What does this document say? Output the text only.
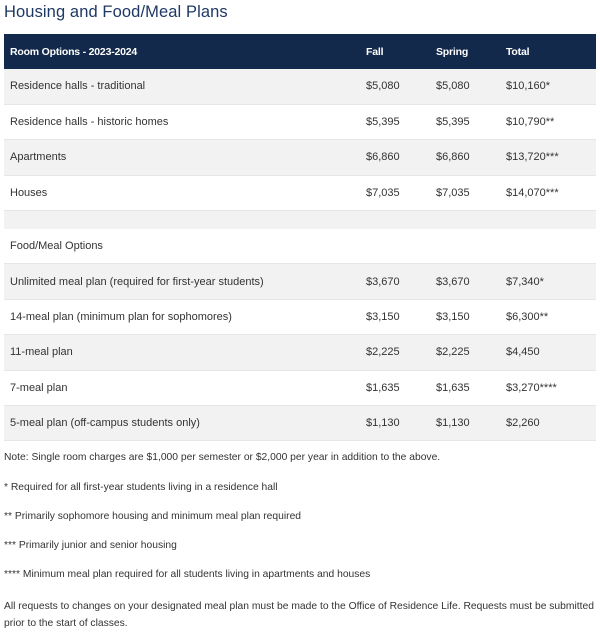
Housing and Food/Meal Plans
Room Options - 2023-2024	Fall	Spring	Total
Residence halls - traditional	$5,080	$5,080	$10,160*
Residence halls - historic homes	$5,395	$5,395	$10,790**
Apartments	$6,860	$6,860	$13,720***
Houses	$7,035	$7,035	$14,070***

Food/Meal Options			
Unlimited meal plan (required for first-year students)	$3,670	$3,670	$7,340*
14-meal plan (minimum plan for sophomores)	$3,150	$3,150	$6,300**
11-meal plan	$2,225	$2,225	$4,450
7-meal plan	$1,635	$1,635	$3,270****
5-meal plan (off-campus students only)	$1,130	$1,130	$2,260

Note: Single room charges are $1,000 per semester or $2,000 per year in addition to the above.

* Required for all first-year students living in a residence hall

** Primarily sophomore housing and minimum meal plan required

*** Primarily junior and senior housing

**** Minimum meal plan required for all students living in apartments and houses

All requests to changes on your designated meal plan must be made to the Office of Residence Life. Requests must be submitted prior to the start of classes.
